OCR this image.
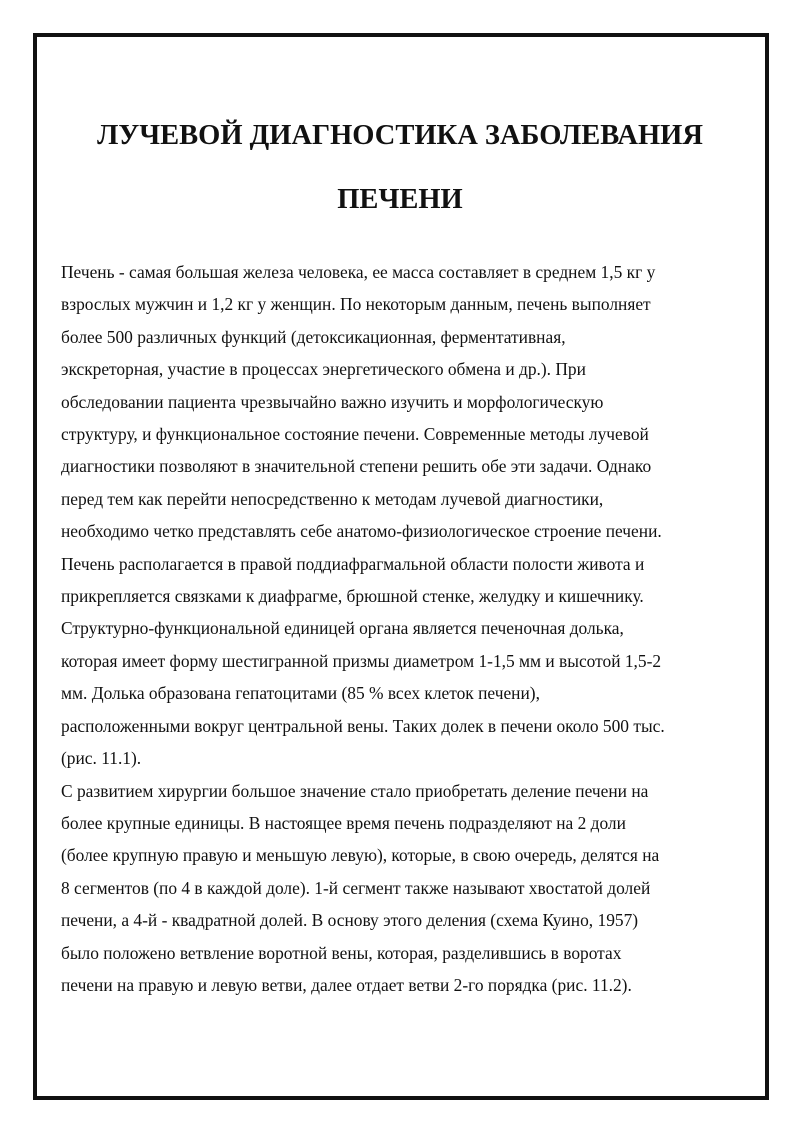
ЛУЧЕВОЙ ДИАГНОСТИКА ЗАБОЛЕВАНИЯ
ПЕЧЕНИ
Печень - самая большая железа человека, ее масса составляет в среднем 1,5 кг у
взрослых мужчин и 1,2 кг у женщин. По некоторым данным, печень выполняет
более 500 различных функций (детоксикационная, ферментативная,
экскреторная, участие в процессах энергетического обмена и др.). При
обследовании пациента чрезвычайно важно изучить и морфологическую
структуру, и функциональное состояние печени. Современные методы лучевой
диагностики позволяют в значительной степени решить обе эти задачи. Однако
перед тем как перейти непосредственно к методам лучевой диагностики,
необходимо четко представлять себе анатомо-физиологическое строение печени.
Печень располагается в правой поддиафрагмальной области полости живота и
прикрепляется связками к диафрагме, брюшной стенке, желудку и кишечнику.
Структурно-функциональной единицей органа является печеночная долька,
которая имеет форму шестигранной призмы диаметром 1-1,5 мм и высотой 1,5-2
мм. Долька образована гепатоцитами (85 % всех клеток печени),
расположенными вокруг центральной вены. Таких долек в печени около 500 тыс.
(рис. 11.1).
С развитием хирургии большое значение стало приобретать деление печени на
более крупные единицы. В настоящее время печень подразделяют на 2 доли
(более крупную правую и меньшую левую), которые, в свою очередь, делятся на
8 сегментов (по 4 в каждой доле). 1-й сегмент также называют хвостатой долей
печени, а 4-й - квадратной долей. В основу этого деления (схема Куино, 1957)
было положено ветвление воротной вены, которая, разделившись в воротах
печени на правую и левую ветви, далее отдает ветви 2-го порядка (рис. 11.2).
